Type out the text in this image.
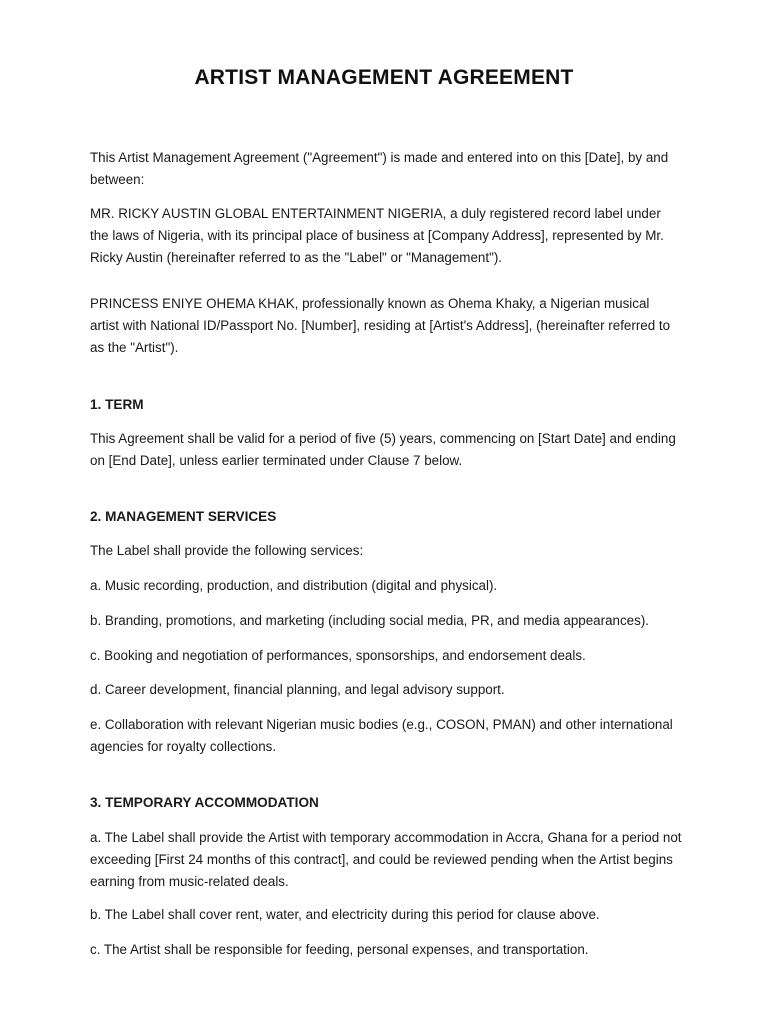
ARTIST MANAGEMENT AGREEMENT

This Artist Management Agreement ("Agreement") is made and entered into on this [Date], by and between:

MR. RICKY AUSTIN GLOBAL ENTERTAINMENT NIGERIA, a duly registered record label under the laws of Nigeria, with its principal place of business at [Company Address], represented by Mr. Ricky Austin (hereinafter referred to as the "Label" or "Management").

PRINCESS ENIYE OHEMA KHAK, professionally known as Ohema Khaky, a Nigerian musical artist with National ID/Passport No. [Number], residing at [Artist's Address], (hereinafter referred to as the "Artist").

1. TERM

This Agreement shall be valid for a period of five (5) years, commencing on [Start Date] and ending on [End Date], unless earlier terminated under Clause 7 below.

2. MANAGEMENT SERVICES

The Label shall provide the following services:

a. Music recording, production, and distribution (digital and physical).

b. Branding, promotions, and marketing (including social media, PR, and media appearances).

c. Booking and negotiation of performances, sponsorships, and endorsement deals.

d. Career development, financial planning, and legal advisory support.

e. Collaboration with relevant Nigerian music bodies (e.g., COSON, PMAN) and other international agencies for royalty collections.

3. TEMPORARY ACCOMMODATION

a. The Label shall provide the Artist with temporary accommodation in Accra, Ghana for a period not exceeding [First 24 months of this contract], and could be reviewed pending when the Artist begins earning from music-related deals.

b. The Label shall cover rent, water, and electricity during this period for clause above.

c. The Artist shall be responsible for feeding, personal expenses, and transportation.
